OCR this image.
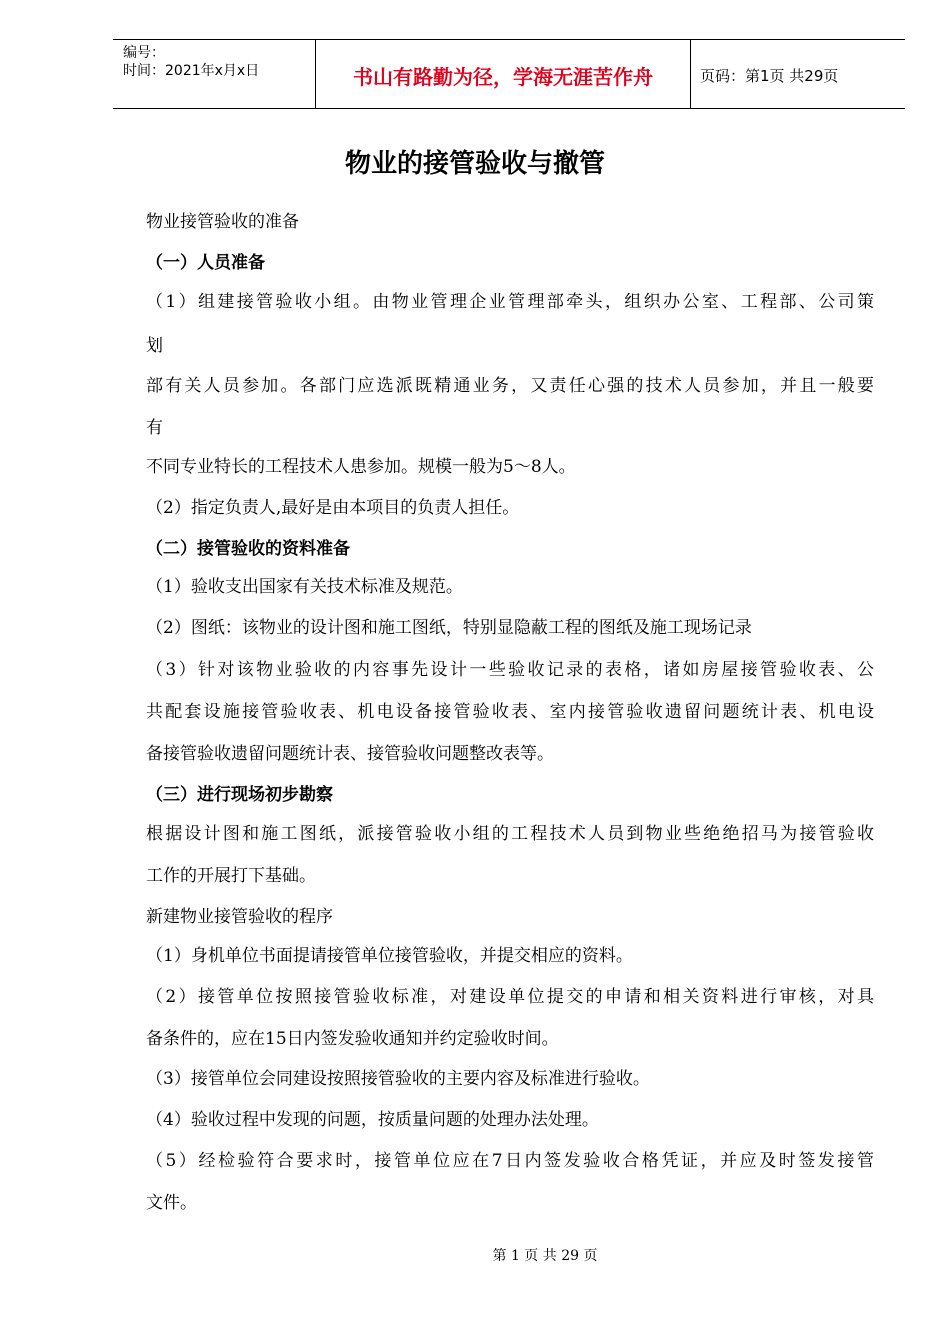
编号：
时间：2021年x月x日	书山有路勤为径，学海无涯苦作舟	页码：第1页 共29页
物业的接管验收与撤管
物业接管验收的准备
（一）人员准备
（1）组建接管验收小组。由物业管理企业管理部牵头，组织办公室、工程部、公司策
划
部有关人员参加。各部门应选派既精通业务，又责任心强的技术人员参加，并且一般要
有
不同专业特长的工程技术人患参加。规模一般为5～8人。
（2）指定负责人,最好是由本项目的负责人担任。
（二）接管验收的资料准备
（1）验收支出国家有关技术标准及规范。
（2）图纸：该物业的设计图和施工图纸，特别显隐蔽工程的图纸及施工现场记录
（3）针对该物业验收的内容事先设计一些验收记录的表格，诸如房屋接管验收表、公
共配套设施接管验收表、机电设备接管验收表、室内接管验收遗留问题统计表、机电设
备接管验收遗留问题统计表、接管验收问题整改表等。
（三）进行现场初步勘察
根据设计图和施工图纸，派接管验收小组的工程技术人员到物业些绝绝招马为接管验收
工作的开展打下基础。
新建物业接管验收的程序
（1）身机单位书面提请接管单位接管验收，并提交相应的资料。
（2）接管单位按照接管验收标准，对建设单位提交的申请和相关资料进行审核，对具
备条件的，应在15日内签发验收通知并约定验收时间。
（3）接管单位会同建设按照接管验收的主要内容及标准进行验收。
（4）验收过程中发现的问题，按质量问题的处理办法处理。
（5）经检验符合要求时，接管单位应在7日内签发验收合格凭证，并应及时签发接管
文件。
第 1 页 共 29 页
